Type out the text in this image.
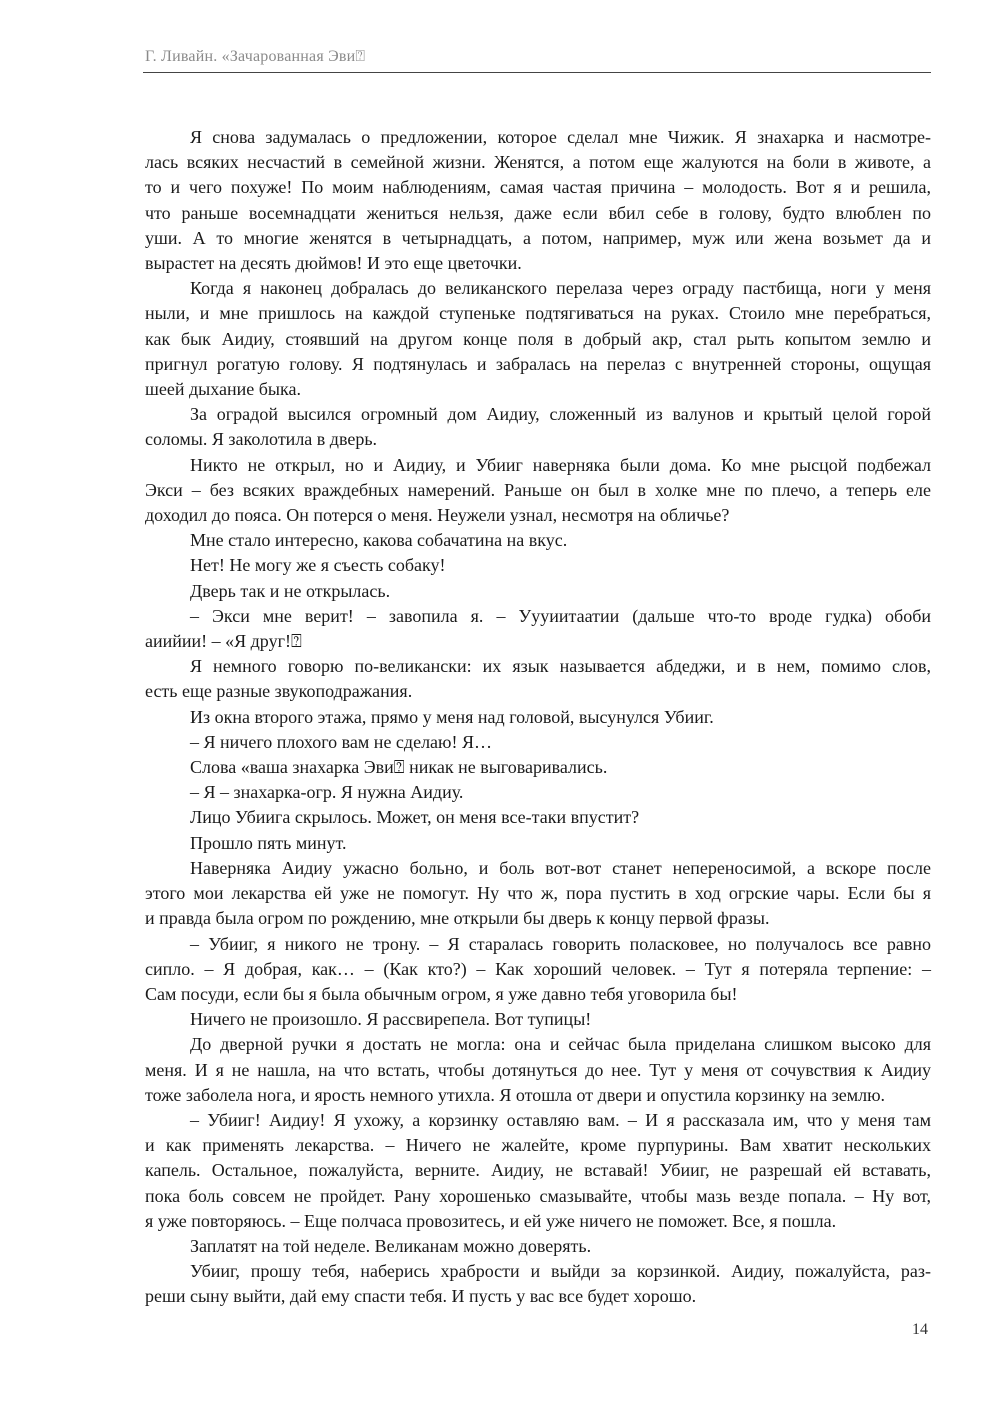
Г. Ливайн. «Зачарованная Эви⍰
Я снова задумалась о предложении, которое сделал мне Чижик. Я знахарка и насмотре-
лась всяких несчастий в семейной жизни. Женятся, а потом еще жалуются на боли в животе, а
то и чего похуже! По моим наблюдениям, самая частая причина – молодость. Вот я и решила,
что раньше восемнадцати жениться нельзя, даже если вбил себе в голову, будто влюблен по
уши. А то многие женятся в четырнадцать, а потом, например, муж или жена возьмет да и
вырастет на десять дюймов! И это еще цветочки.
Когда я наконец добралась до великанского перелаза через ограду пастбища, ноги у меня
ныли, и мне пришлось на каждой ступеньке подтягиваться на руках. Стоило мне перебраться,
как бык Аидиу, стоявший на другом конце поля в добрый акр, стал рыть копытом землю и
пригнул рогатую голову. Я подтянулась и забралась на перелаз с внутренней стороны, ощущая
шеей дыхание быка.
За оградой высился огромный дом Аидиу, сложенный из валунов и крытый целой горой
соломы. Я заколотила в дверь.
Никто не открыл, но и Аидиу, и Убииг наверняка были дома. Ко мне рысцой подбежал
Экси – без всяких враждебных намерений. Раньше он был в холке мне по плечо, а теперь еле
доходил до пояса. Он потерся о меня. Неужели узнал, несмотря на обличье?
Мне стало интересно, какова собачатина на вкус.
Нет! Не могу же я съесть собаку!
Дверь так и не открылась.
– Экси мне верит! – завопила я. – Уууиитаатии (дальше что-то вроде гудка) обоби
аиийии! – «Я друг!⍰
Я немного говорю по-великански: их язык называется абдеджи, и в нем, помимо слов,
есть еще разные звукоподражания.
Из окна второго этажа, прямо у меня над головой, высунулся Убииг.
– Я ничего плохого вам не сделаю! Я…
Слова «ваша знахарка Эви⍰ никак не выговаривались.
– Я – знахарка-огр. Я нужна Аидиу.
Лицо Убиига скрылось. Может, он меня все-таки впустит?
Прошло пять минут.
Наверняка Аидиу ужасно больно, и боль вот-вот станет непереносимой, а вскоре после
этого мои лекарства ей уже не помогут. Ну что ж, пора пустить в ход огрские чары. Если бы я
и правда была огром по рождению, мне открыли бы дверь к концу первой фразы.
– Убииг, я никого не трону. – Я старалась говорить поласковее, но получалось все равно
сипло. – Я добрая, как… – (Как кто?) – Как хороший человек. – Тут я потеряла терпение: –
Сам посуди, если бы я была обычным огром, я уже давно тебя уговорила бы!
Ничего не произошло. Я рассвирепела. Вот тупицы!
До дверной ручки я достать не могла: она и сейчас была приделана слишком высоко для
меня. И я не нашла, на что встать, чтобы дотянуться до нее. Тут у меня от сочувствия к Аидиу
тоже заболела нога, и ярость немного утихла. Я отошла от двери и опустила корзинку на землю.
– Убииг! Аидиу! Я ухожу, а корзинку оставляю вам. – И я рассказала им, что у меня там
и как применять лекарства. – Ничего не жалейте, кроме пурпурины. Вам хватит нескольких
капель. Остальное, пожалуйста, верните. Аидиу, не вставай! Убииг, не разрешай ей вставать,
пока боль совсем не пройдет. Рану хорошенько смазывайте, чтобы мазь везде попала. – Ну вот,
я уже повторяюсь. – Еще полчаса провозитесь, и ей уже ничего не поможет. Все, я пошла.
Заплатят на той неделе. Великанам можно доверять.
Убииг, прошу тебя, наберись храбрости и выйди за корзинкой. Аидиу, пожалуйста, раз-
реши сыну выйти, дай ему спасти тебя. И пусть у вас все будет хорошо.
14
